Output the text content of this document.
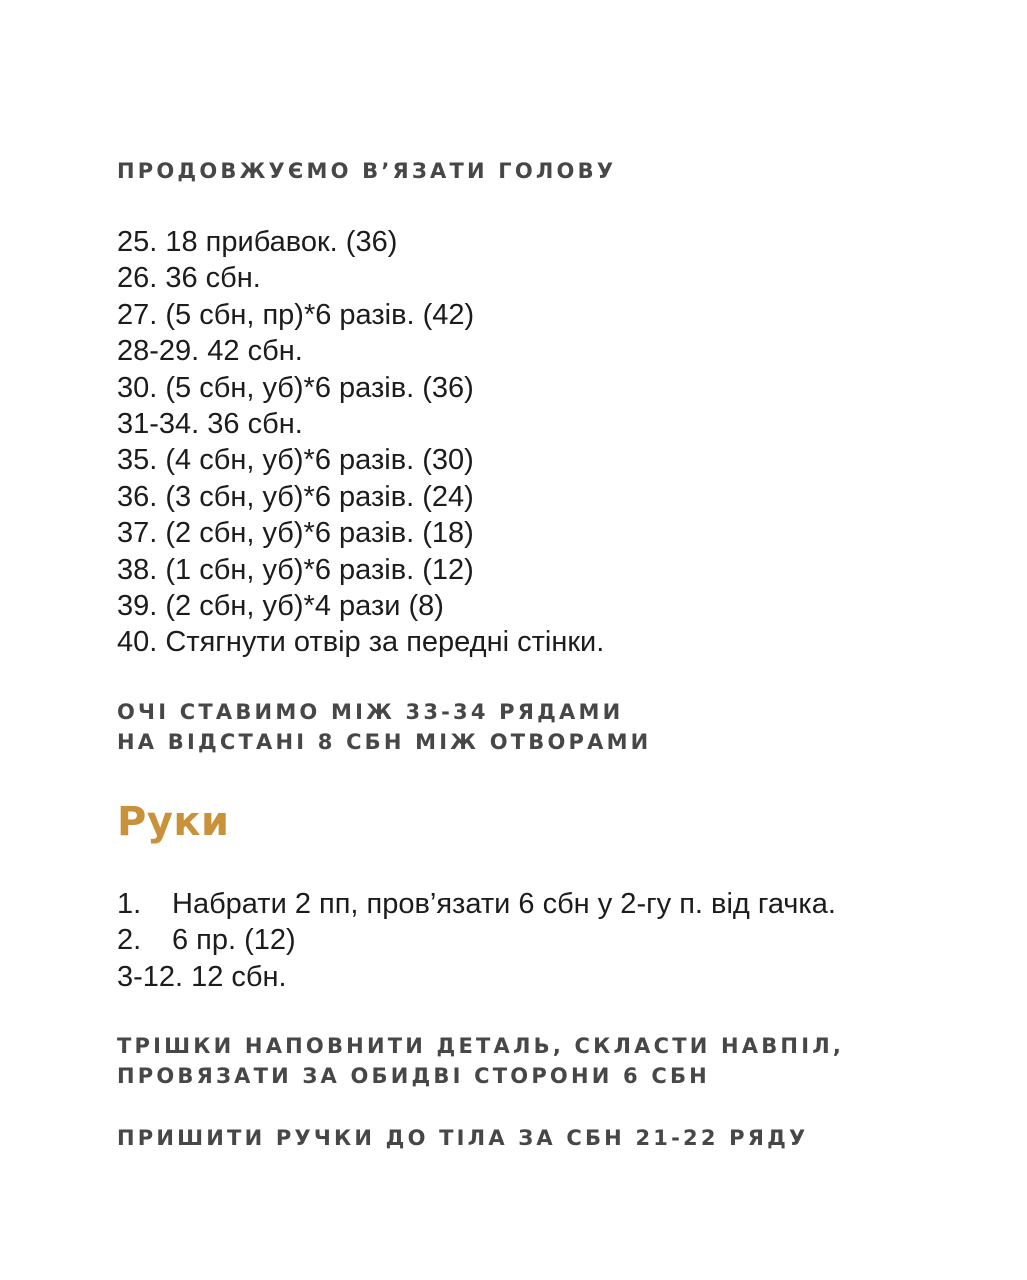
ПРОДОВЖУЄМО В’ЯЗАТИ ГОЛОВУ
25. 18 прибавок. (36)
26. 36 сбн.
27. (5 сбн, пр)*6 разів. (42)
28-29. 42 сбн.
30. (5 сбн, уб)*6 разів. (36)
31-34. 36 сбн.
35. (4 сбн, уб)*6 разів. (30)
36. (3 сбн, уб)*6 разів. (24)
37. (2 сбн, уб)*6 разів. (18)
38. (1 сбн, уб)*6 разів. (12)
39. (2 сбн, уб)*4 рази (8)
40. Стягнути отвір за передні стінки.

ОЧІ СТАВИМО МІЖ 33-34 РЯДАМИ

НА ВІДСТАНІ 8 СБН МІЖ ОТВОРАМИ

Руки
1. Набрати 2 пп, пров’язати 6 сбн у 2-гу п. від гачка.
2. 6 пр. (12)
3-12. 12 сбн.

ТРІШКИ НАПОВНИТИ ДЕТАЛЬ, СКЛАСТИ НАВПІЛ,

ПРОВЯЗАТИ ЗА ОБИДВІ СТОРОНИ 6 СБН

ПРИШИТИ РУЧКИ ДО ТІЛА ЗА СБН 21-22 РЯДУ
